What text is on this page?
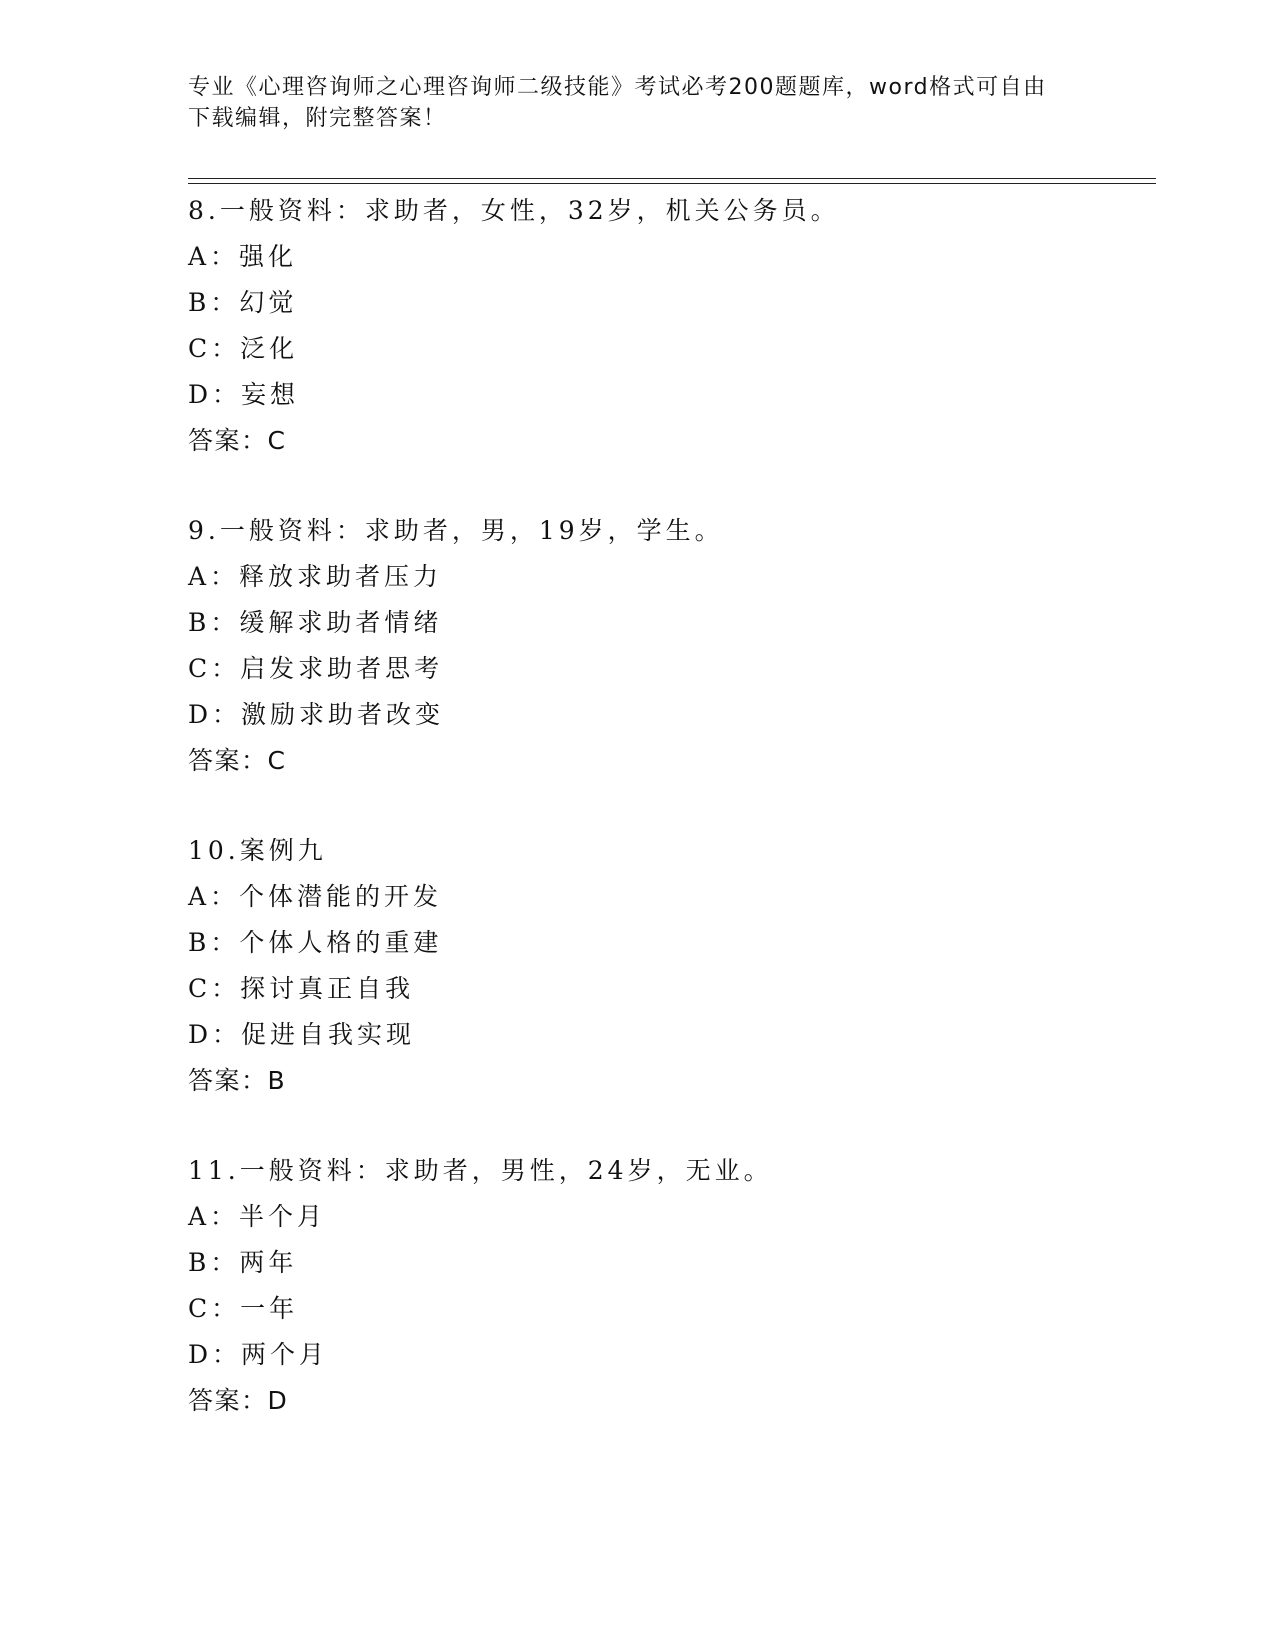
专业《心理咨询师之心理咨询师二级技能》考试必考200题题库，word格式可自由下载编辑，附完整答案！
8.一般资料：求助者，女性，32岁，机关公务员。
A：强化
B：幻觉
C：泛化
D：妄想
答案：C
9.一般资料：求助者，男，19岁，学生。
A：释放求助者压力
B：缓解求助者情绪
C：启发求助者思考
D：激励求助者改变
答案：C
10.案例九
A：个体潜能的开发
B：个体人格的重建
C：探讨真正自我
D：促进自我实现
答案：B
11.一般资料：求助者，男性，24岁，无业。
A：半个月
B：两年
C：一年
D：两个月
答案：D
